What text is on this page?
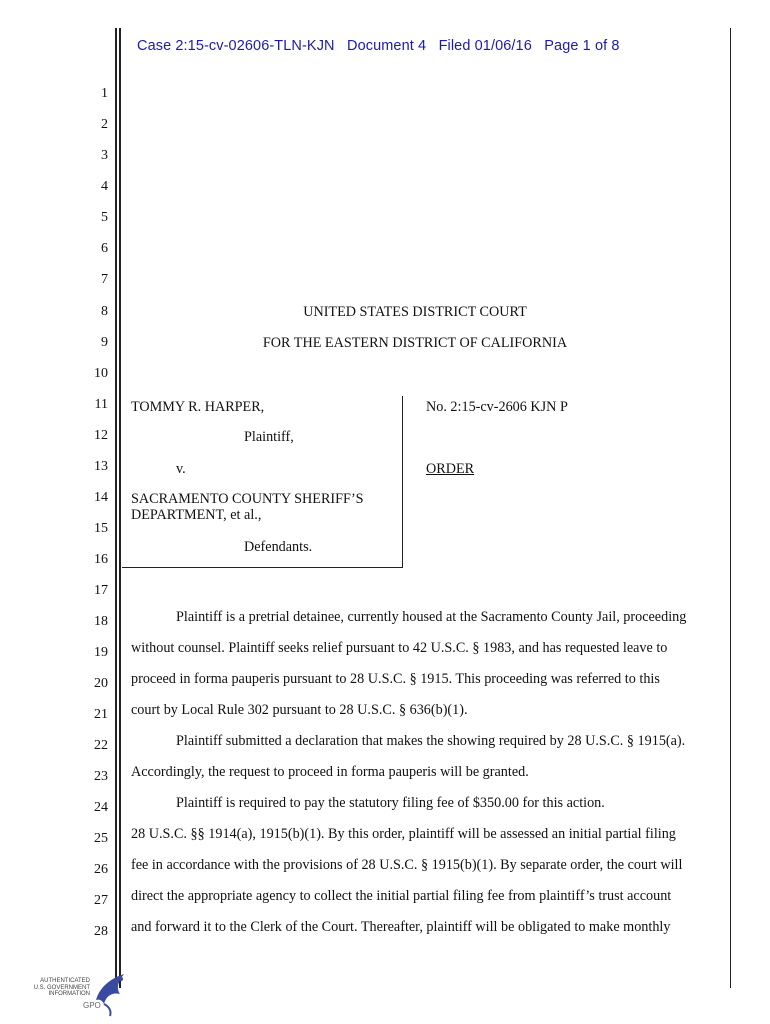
Case 2:15-cv-02606-TLN-KJN   Document 4   Filed 01/06/16   Page 1 of 8
1
2
3
4
5
6
7
8
9
10
11
12
13
14
15
16
17
18
19
20
21
22
23
24
25
26
27
28
UNITED STATES DISTRICT COURT
FOR THE EASTERN DISTRICT OF CALIFORNIA
TOMMY R. HARPER,
Plaintiff,
v.
SACRAMENTO COUNTY SHERIFF’S
DEPARTMENT, et al.,
Defendants.
No. 2:15-cv-2606 KJN P
ORDER
Plaintiff is a pretrial detainee, currently housed at the Sacramento County Jail, proceeding
without counsel. Plaintiff seeks relief pursuant to 42 U.S.C. § 1983, and has requested leave to
proceed in forma pauperis pursuant to 28 U.S.C. § 1915. This proceeding was referred to this
court by Local Rule 302 pursuant to 28 U.S.C. § 636(b)(1).
Plaintiff submitted a declaration that makes the showing required by 28 U.S.C. § 1915(a).
Accordingly, the request to proceed in forma pauperis will be granted.
Plaintiff is required to pay the statutory filing fee of $350.00 for this action.
28 U.S.C. §§ 1914(a), 1915(b)(1). By this order, plaintiff will be assessed an initial partial filing
fee in accordance with the provisions of 28 U.S.C. § 1915(b)(1). By separate order, the court will
direct the appropriate agency to collect the initial partial filing fee from plaintiff’s trust account
and forward it to the Clerk of the Court. Thereafter, plaintiff will be obligated to make monthly
AUTHENTICATED
U.S. GOVERNMENT
INFORMATION
GPO
